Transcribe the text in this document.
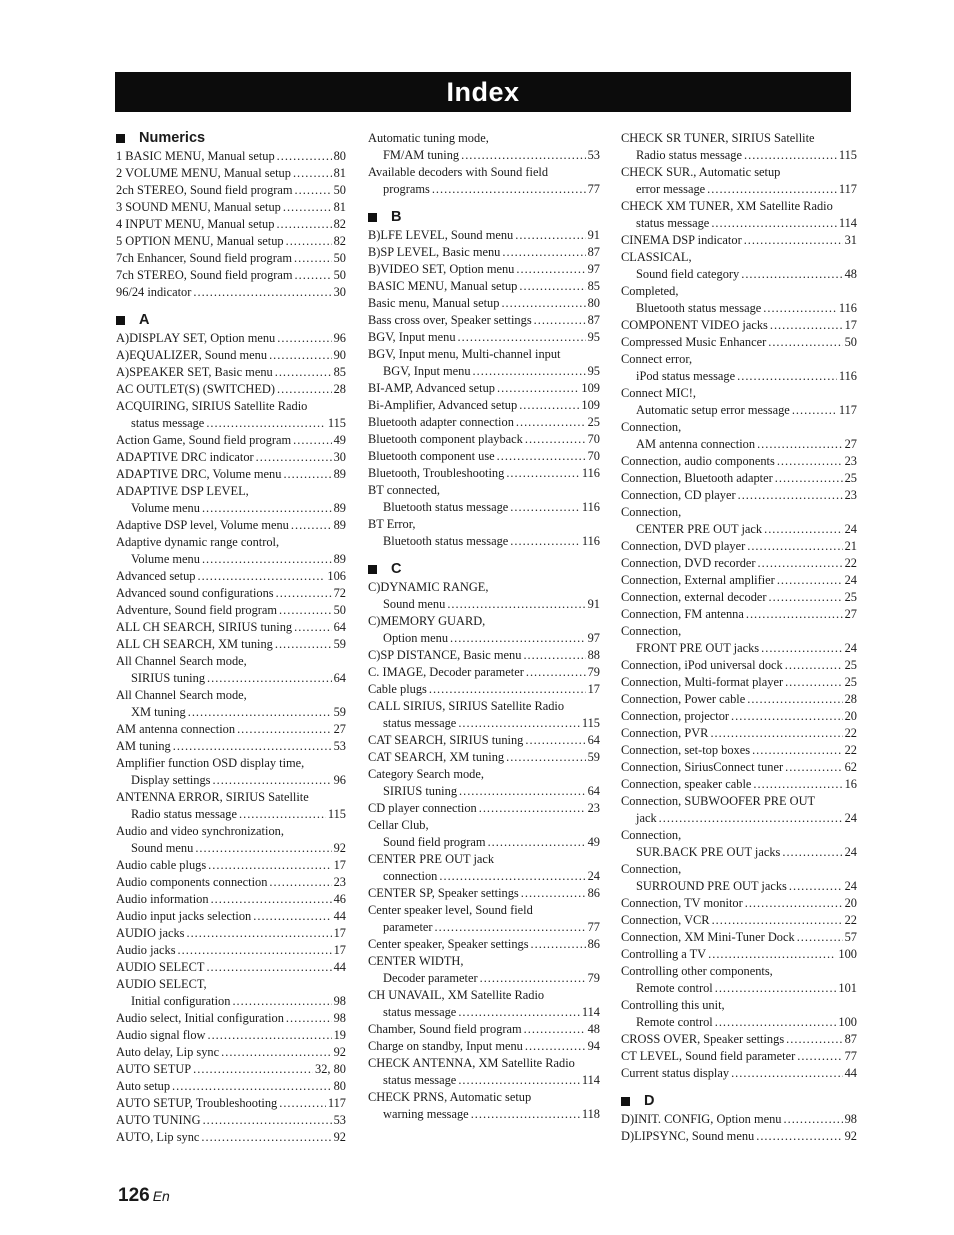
Index
Numerics
1 BASIC MENU, Manual setup .....	80
2 VOLUME MENU, Manual setup .....	81
2ch STEREO, Sound field program .....	50
3 SOUND MENU, Manual setup .....	81
4 INPUT MENU, Manual setup .....	82
5 OPTION MENU, Manual setup .....	82
7ch Enhancer, Sound field program .....	50
7ch STEREO, Sound field program .....	50
96/24 indicator .....	30
A
A)DISPLAY SET, Option menu .....	96
A)EQUALIZER, Sound menu .....	90
A)SPEAKER SET, Basic menu .....	85
AC OUTLET(S) (SWITCHED) .....	28
ACQUIRING, SIRIUS Satellite Radio
status message .....	115
Action Game, Sound field program .....	49
ADAPTIVE DRC indicator .....	30
ADAPTIVE DRC, Volume menu .....	89
ADAPTIVE DSP LEVEL,
Volume menu .....	89
Adaptive DSP level, Volume menu .....	89
Adaptive dynamic range control,
Volume menu .....	89
Advanced setup .....	106
Advanced sound configurations .....	72
Adventure, Sound field program .....	50
ALL CH SEARCH, SIRIUS tuning .....	64
ALL CH SEARCH, XM tuning .....	59
All Channel Search mode,
SIRIUS tuning .....	64
All Channel Search mode,
XM tuning .....	59
AM antenna connection .....	27
AM tuning .....	53
Amplifier function OSD display time,
Display settings .....	96
ANTENNA ERROR, SIRIUS Satellite
Radio status message .....	115
Audio and video synchronization,
Sound menu .....	92
Audio cable plugs .....	17
Audio components connection .....	23
Audio information .....	46
Audio input jacks selection .....	44
AUDIO jacks .....	17
Audio jacks .....	17
AUDIO SELECT .....	44
AUDIO SELECT,
Initial configuration .....	98
Audio select, Initial configuration .....	98
Audio signal flow .....	19
Auto delay, Lip sync .....	92
AUTO SETUP .....	32, 80
Auto setup .....	80
AUTO SETUP, Troubleshooting .....	117
AUTO TUNING .....	53
AUTO, Lip sync .....	92
Automatic tuning mode,
FM/AM tuning .....	53
Available decoders with Sound field
programs .....	77
B
B)LFE LEVEL, Sound menu .....	91
B)SP LEVEL, Basic menu .....	87
B)VIDEO SET, Option menu .....	97
BASIC MENU, Manual setup .....	85
Basic menu, Manual setup .....	80
Bass cross over, Speaker settings .....	87
BGV, Input menu .....	95
BGV, Input menu, Multi-channel input
BGV, Input menu .....	95
BI-AMP, Advanced setup .....	109
Bi-Amplifier, Advanced setup .....	109
Bluetooth adapter connection .....	25
Bluetooth component playback .....	70
Bluetooth component use .....	70
Bluetooth, Troubleshooting .....	116
BT connected,
Bluetooth status message .....	116
BT Error,
Bluetooth status message .....	116
C
C)DYNAMIC RANGE,
Sound menu .....	91
C)MEMORY GUARD,
Option menu .....	97
C)SP DISTANCE, Basic menu .....	88
C. IMAGE, Decoder parameter .....	79
Cable plugs .....	17
CALL SIRIUS, SIRIUS Satellite Radio
status message .....	115
CAT SEARCH, SIRIUS tuning .....	64
CAT SEARCH, XM tuning .....	59
Category Search mode,
SIRIUS tuning .....	64
CD player connection .....	23
Cellar Club,
Sound field program .....	49
CENTER PRE OUT jack
connection .....	24
CENTER SP, Speaker settings .....	86
Center speaker level, Sound field
parameter .....	77
Center speaker, Speaker settings .....	86
CENTER WIDTH,
Decoder parameter .....	79
CH UNAVAIL, XM Satellite Radio
status message .....	114
Chamber, Sound field program .....	48
Charge on standby, Input menu .....	94
CHECK ANTENNA, XM Satellite Radio
status message .....	114
CHECK PRNS, Automatic setup
warning message .....	118
CHECK SR TUNER, SIRIUS Satellite
Radio status message .....	115
CHECK SUR., Automatic setup
error message .....	117
CHECK XM TUNER, XM Satellite Radio
status message .....	114
CINEMA DSP indicator .....	31
CLASSICAL,
Sound field category .....	48
Completed,
Bluetooth status message .....	116
COMPONENT VIDEO jacks .....	17
Compressed Music Enhancer .....	50
Connect error,
iPod status message .....	116
Connect MIC!,
Automatic setup error message .....	117
Connection,
AM antenna connection .....	27
Connection, audio components .....	23
Connection, Bluetooth adapter .....	25
Connection, CD player .....	23
Connection,
CENTER PRE OUT jack .....	24
Connection, DVD player .....	21
Connection, DVD recorder .....	22
Connection, External amplifier .....	24
Connection, external decoder .....	25
Connection, FM antenna .....	27
Connection,
FRONT PRE OUT jacks .....	24
Connection, iPod universal dock .....	25
Connection, Multi-format player .....	25
Connection, Power cable .....	28
Connection, projector .....	20
Connection, PVR .....	22
Connection, set-top boxes .....	22
Connection, SiriusConnect tuner .....	62
Connection, speaker cable .....	16
Connection, SUBWOOFER PRE OUT
jack .....	24
Connection,
SUR.BACK PRE OUT jacks .....	24
Connection,
SURROUND PRE OUT jacks .....	24
Connection, TV monitor .....	20
Connection, VCR .....	22
Connection, XM Mini-Tuner Dock .....	57
Controlling a TV .....	100
Controlling other components,
Remote control .....	101
Controlling this unit,
Remote control .....	100
CROSS OVER, Speaker settings .....	87
CT LEVEL, Sound field parameter .....	77
Current status display .....	44
D
D)INIT. CONFIG, Option menu .....	98
D)LIPSYNC, Sound menu .....	92
126 En
